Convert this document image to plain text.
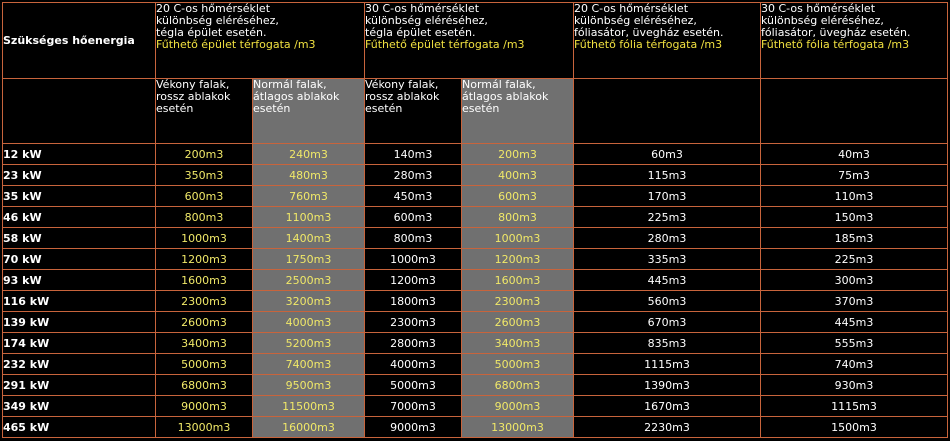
Szükséges hőenergia	20 C-os hőmérséklet
különbség eléréséhez,
tégla épület esetén.
Fűthető épület térfogata /m3		30 C-os hőmérséklet
különbség eléréséhez,
tégla épület esetén.
Fűthető épület térfogata /m3		20 C-os hőmérséklet
különbség eléréséhez,
fóliasátor, üvegház esetén.
Fűthető fólia térfogata /m3	30 C-os hőmérséklet
különbség eléréséhez,
fóliasátor, üvegház esetén.
Fűthető fólia térfogata /m3

	Vékony falak,
rossz ablakok
esetén	Normál falak,
átlagos ablakok
esetén	Vékony falak,
rossz ablakok
esetén	Normál falak,
átlagos ablakok
esetén		
12 kW	200m3	240m3	140m3	200m3	60m3	40m3
23 kW	350m3	480m3	280m3	400m3	115m3	75m3
35 kW	600m3	760m3	450m3	600m3	170m3	110m3
46 kW	800m3	1100m3	600m3	800m3	225m3	150m3
58 kW	1000m3	1400m3	800m3	1000m3	280m3	185m3
70 kW	1200m3	1750m3	1000m3	1200m3	335m3	225m3
93 kW	1600m3	2500m3	1200m3	1600m3	445m3	300m3
116 kW	2300m3	3200m3	1800m3	2300m3	560m3	370m3
139 kW	2600m3	4000m3	2300m3	2600m3	670m3	445m3
174 kW	3400m3	5200m3	2800m3	3400m3	835m3	555m3
232 kW	5000m3	7400m3	4000m3	5000m3	1115m3	740m3
291 kW	6800m3	9500m3	5000m3	6800m3	1390m3	930m3
349 kW	9000m3	11500m3	7000m3	9000m3	1670m3	1115m3
465 kW	13000m3	16000m3	9000m3	13000m3	2230m3	1500m3
